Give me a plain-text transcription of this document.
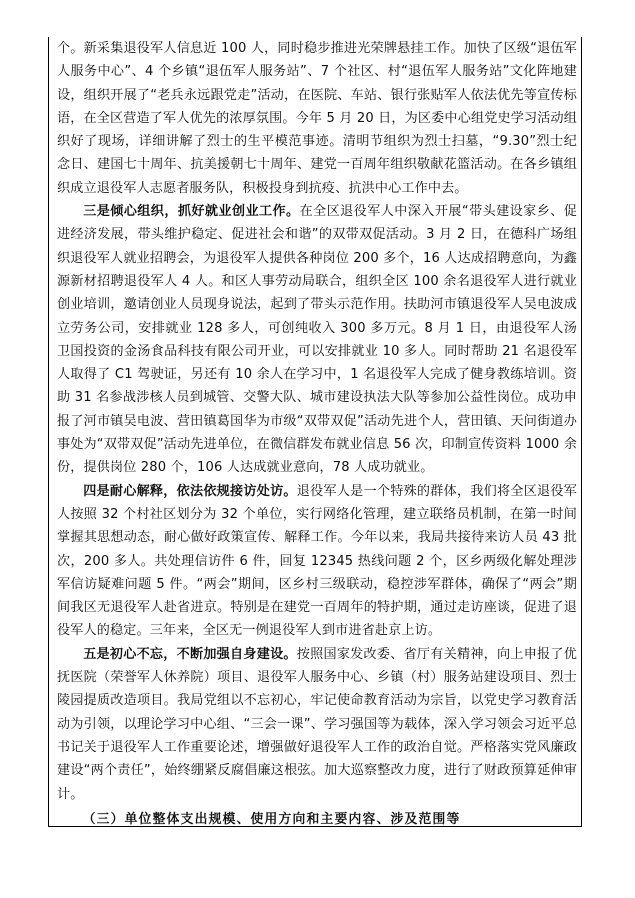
个。新采集退役军人信息近 100 人，同时稳步推进光荣牌悬挂工作。加快了区级“退伍军人服务中心”、4 个乡镇“退伍军人服务站”、7 个社区、村“退伍军人服务站”文化阵地建设，组织开展了“老兵永远跟党走”活动，在医院、车站、银行张贴军人依法优先等宣传标语，在全区营造了军人优先的浓厚氛围。今年 5 月 20 日，为区委中心组党史学习活动组织好了现场，详细讲解了烈士的生平模范事迹。清明节组织为烈士扫墓，“9.30”烈士纪念日、建国七十周年、抗美援朝七十周年、建党一百周年组织敬献花篮活动。在各乡镇组织成立退役军人志愿者服务队，积极投身到抗疫、抗洪中心工作中去。

三是倾心组织，抓好就业创业工作。在全区退役军人中深入开展“带头建设家乡、促进经济发展，带头维护稳定、促进社会和谐”的双带双促活动。3 月 2 日，在德科广场组织退役军人就业招聘会，为退役军人提供各种岗位 200 多个，16 人达成招聘意向，为鑫源新材招聘退役军人 4 人。和区人事劳动局联合，组织全区 100 余名退役军人进行就业创业培训，邀请创业人员现身说法，起到了带头示范作用。扶助河市镇退役军人吴电波成立劳务公司，安排就业 128 多人，可创纯收入 300 多万元。8 月 1 日，由退役军人汤卫国投资的金汤食品科技有限公司开业，可以安排就业 10 多人。同时帮助 21 名退役军人取得了 C1 驾驶证，另还有 10 余人在学习中，1 名退役军人完成了健身教练培训。资助 31 名参战涉核人员到城管、交警大队、城市建设执法大队等参加公益性岗位。成功申报了河市镇吴电波、营田镇葛国华为市级“双带双促”活动先进个人，营田镇、天问街道办事处为“双带双促”活动先进单位，在微信群发布就业信息 56 次，印制宣传资料 1000 余份，提供岗位 280 个，106 人达成就业意向，78 人成功就业。

四是耐心解释，依法依规接访处访。退役军人是一个特殊的群体，我们将全区退役军人按照 32 个村社区划分为 32 个单位，实行网络化管理，建立联络员机制，在第一时间掌握其思想动态，耐心做好政策宣传、解释工作。今年以来，我局共接待来访人员 43 批次，200 多人。共处理信访件 6 件，回复 12345 热线问题 2 个，区乡两级化解处理涉军信访疑难问题 5 件。“两会”期间，区乡村三级联动，稳控涉军群体，确保了“两会”期间我区无退役军人赴省进京。特别是在建党一百周年的特护期，通过走访座谈，促进了退役军人的稳定。三年来，全区无一例退役军人到市进省赴京上访。

五是初心不忘，不断加强自身建设。按照国家发改委、省厅有关精神，向上申报了优抚医院（荣誉军人休养院）项目、退役军人服务中心、乡镇（村）服务站建设项目、烈士陵园提质改造项目。我局党组以不忘初心，牢记使命教育活动为宗旨，以党史学习教育活动为引领，以理论学习中心组、“三会一课”、学习强国等为载体，深入学习领会习近平总书记关于退役军人工作重要论述，增强做好退役军人工作的政治自觉。严格落实党风廉政建设“两个责任”，始终绷紧反腐倡廉这根弦。加大巡察整改力度，进行了财政预算延伸审计。

（三）单位整体支出规模、使用方向和主要内容、涉及范围等
